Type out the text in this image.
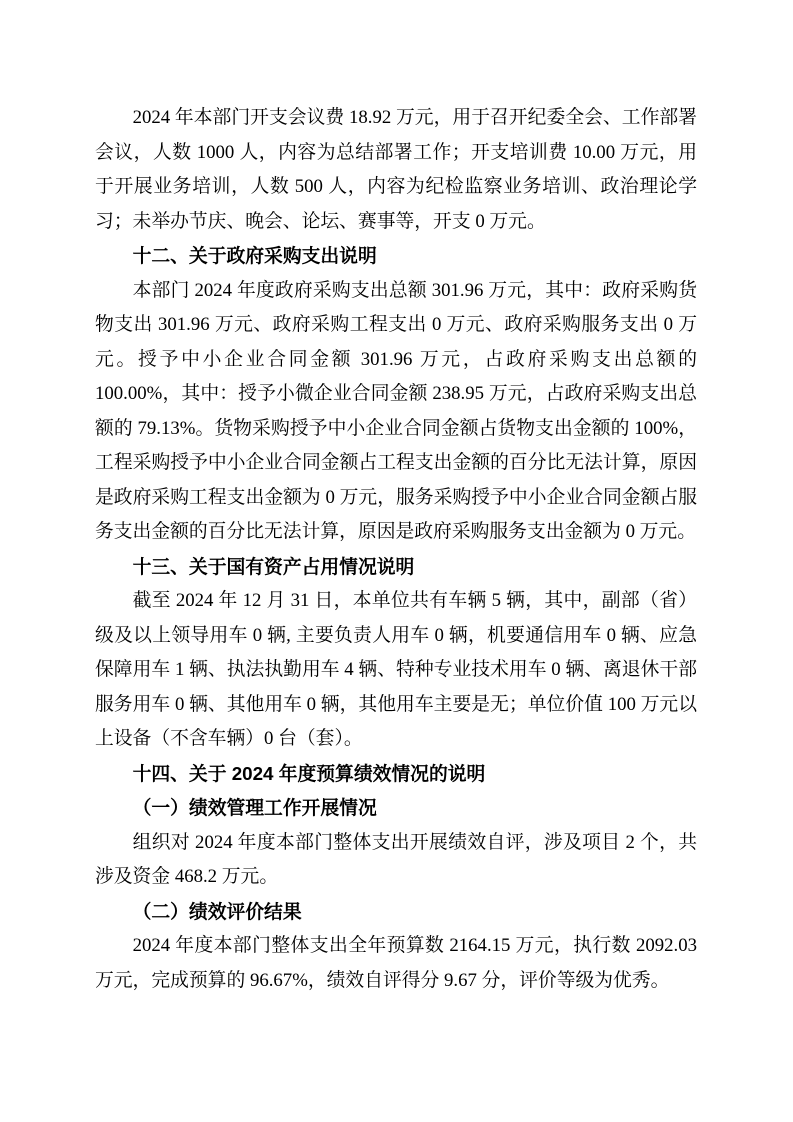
2024 年本部门开支会议费 18.92 万元，用于召开纪委全会、工作部署会议，人数 1000 人，内容为总结部署工作；开支培训费 10.00 万元，用于开展业务培训，人数 500 人，内容为纪检监察业务培训、政治理论学习；未举办节庆、晚会、论坛、赛事等，开支 0 万元。

十二、关于政府采购支出说明

本部门 2024 年度政府采购支出总额 301.96 万元，其中：政府采购货物支出 301.96 万元、政府采购工程支出 0 万元、政府采购服务支出 0 万元。授予中小企业合同金额 301.96 万元，占政府采购支出总额的 100.00%，其中：授予小微企业合同金额 238.95 万元，占政府采购支出总额的 79.13%。货物采购授予中小企业合同金额占货物支出金额的 100%，工程采购授予中小企业合同金额占工程支出金额的百分比无法计算，原因是政府采购工程支出金额为 0 万元，服务采购授予中小企业合同金额占服务支出金额的百分比无法计算，原因是政府采购服务支出金额为 0 万元。

十三、关于国有资产占用情况说明

截至 2024 年 12 月 31 日，本单位共有车辆 5 辆，其中，副部（省）级及以上领导用车 0 辆, 主要负责人用车 0 辆，机要通信用车 0 辆、应急保障用车 1 辆、执法执勤用车 4 辆、特种专业技术用车 0 辆、离退休干部服务用车 0 辆、其他用车 0 辆，其他用车主要是无；单位价值 100 万元以上设备（不含车辆）0 台（套）。

十四、关于 2024 年度预算绩效情况的说明

（一）绩效管理工作开展情况

组织对 2024 年度本部门整体支出开展绩效自评，涉及项目 2 个，共涉及资金 468.2 万元。

（二）绩效评价结果

2024 年度本部门整体支出全年预算数 2164.15 万元，执行数 2092.03 万元，完成预算的 96.67%，绩效自评得分 9.67 分，评价等级为优秀。
